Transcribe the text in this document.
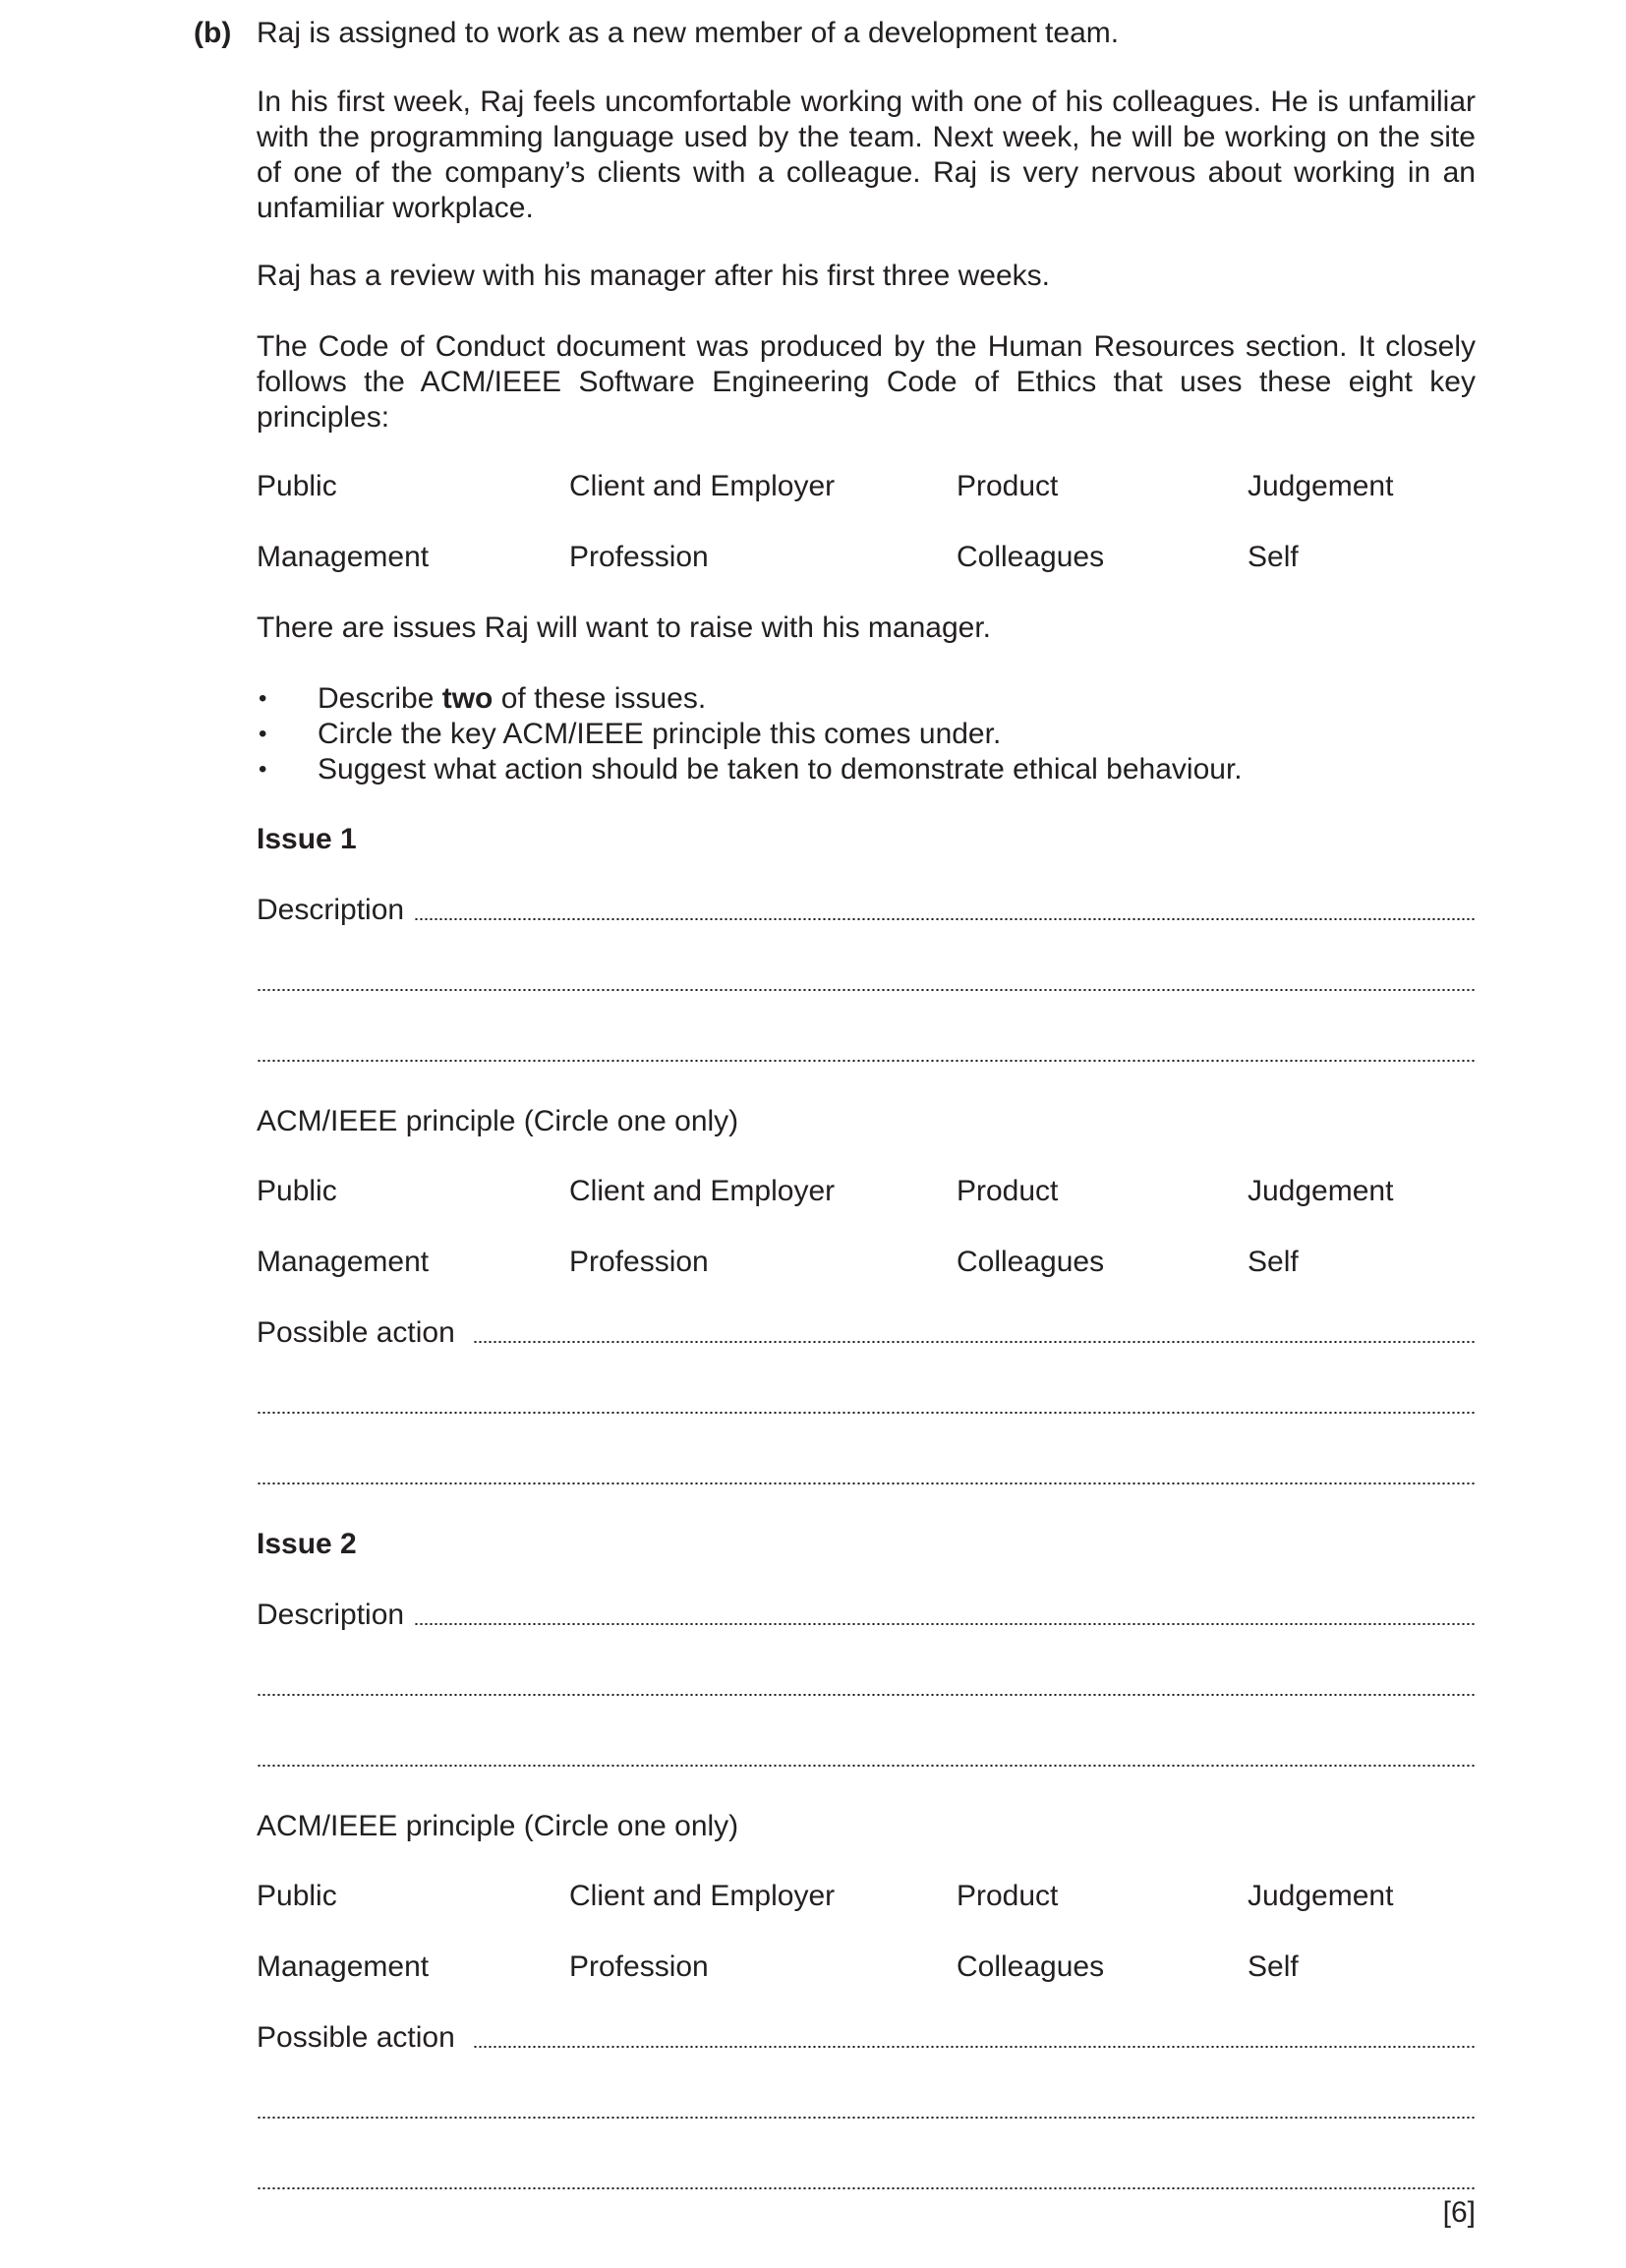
(b) Raj is assigned to work as a new member of a development team.
In his first week, Raj feels uncomfortable working with one of his colleagues. He is unfamiliar
with the programming language used by the team. Next week, he will be working on the site
of one of the company’s clients with a colleague. Raj is very nervous about working in an
unfamiliar workplace.
Raj has a review with his manager after his first three weeks.
The Code of Conduct document was produced by the Human Resources section. It closely
follows the ACM/IEEE Software Engineering Code of Ethics that uses these eight key
principles:
Public	Client and Employer	Product	Judgement
Management	Profession	Colleagues	Self
There are issues Raj will want to raise with his manager.
• Describe two of these issues.
• Circle the key ACM/IEEE principle this comes under.
• Suggest what action should be taken to demonstrate ethical behaviour.
Issue 1
Description
ACM/IEEE principle (Circle one only)
Public	Client and Employer	Product	Judgement
Management	Profession	Colleagues	Self
Possible action
Issue 2
Description
ACM/IEEE principle (Circle one only)
Public	Client and Employer	Product	Judgement
Management	Profession	Colleagues	Self
Possible action
[6]
